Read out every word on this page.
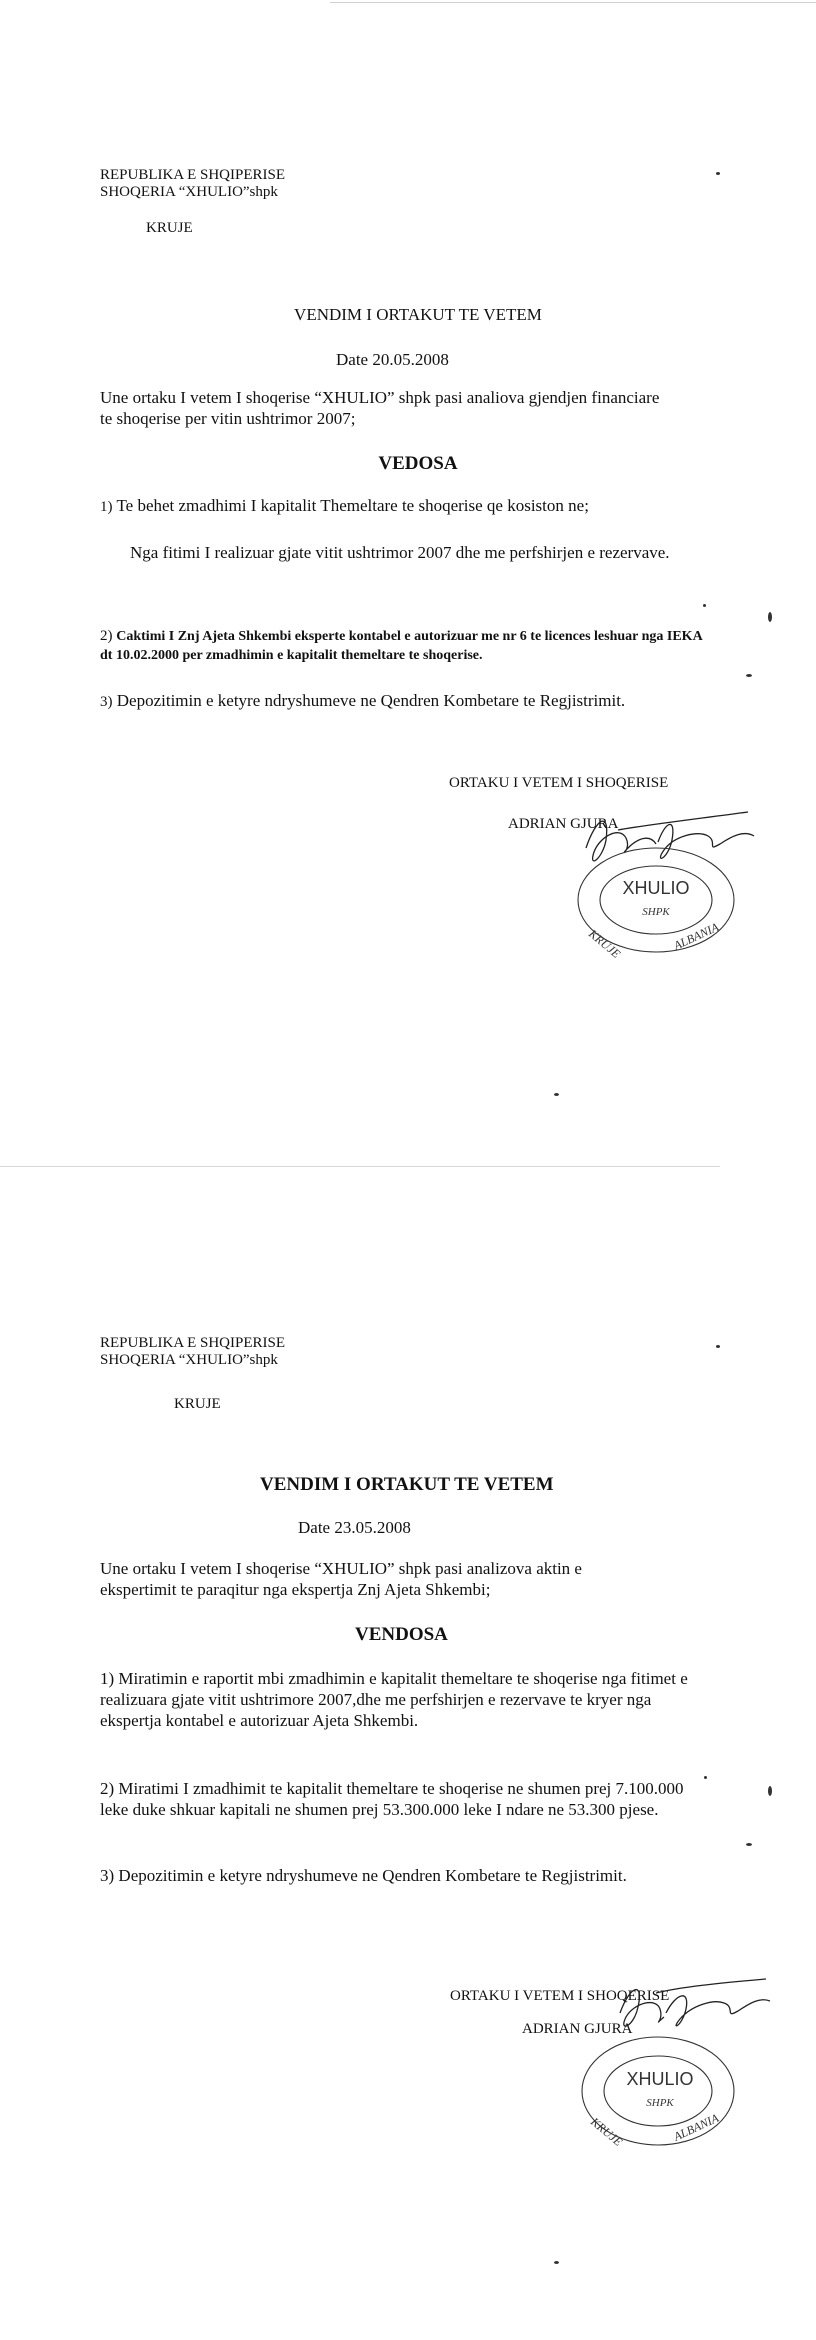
REPUBLIKA E SHQIPERISE
SHOQERIA “XHULIO”shpk
KRUJE
VENDIM I ORTAKUT TE VETEM
Date 20.05.2008
Une ortaku I vetem I shoqerise “XHULIO” shpk pasi analiova gjendjen financiare te shoqerise per vitin ushtrimor 2007;
VEDOSA
1) Te behet zmadhimi I kapitalit Themeltare te shoqerise qe kosiston ne;
Nga fitimi I realizuar gjate vitit ushtrimor 2007 dhe me perfshirjen e rezervave.
2) Caktimi I Znj Ajeta Shkembi eksperte kontabel e autorizuar me nr 6 te licences leshuar nga IEKA dt 10.02.2000 per zmadhimin e kapitalit themeltare te shoqerise.
3) Depozitimin e ketyre ndryshumeve ne Qendren Kombetare te Regjistrimit.
ORTAKU I VETEM I SHOQERISE
ADRIAN GJURA
XHULIO
SHPK
KRUJE	ALBANIA
REPUBLIKA E SHQIPERISE
SHOQERIA “XHULIO”shpk
KRUJE
VENDIM I ORTAKUT TE VETEM
Date 23.05.2008
Une ortaku I vetem I shoqerise “XHULIO” shpk pasi analizova aktin e ekspertimit te paraqitur nga ekspertja Znj Ajeta Shkembi;
VENDOSA
1) Miratimin e raportit mbi zmadhimin e kapitalit themeltare te shoqerise nga fitimet e realizuara gjate vitit ushtrimore 2007,dhe me perfshirjen e rezervave te kryer nga ekspertja kontabel e autorizuar Ajeta Shkembi.
2) Miratimi I zmadhimit te kapitalit themeltare te shoqerise ne shumen prej 7.100.000 leke duke shkuar kapitali ne shumen prej 53.300.000 leke I ndare ne 53.300 pjese.
3) Depozitimin e ketyre ndryshumeve ne Qendren Kombetare te Regjistrimit.
ORTAKU I VETEM I SHOQERISE
ADRIAN GJURA
XHULIO
SHPK
KRUJE	ALBANIA
